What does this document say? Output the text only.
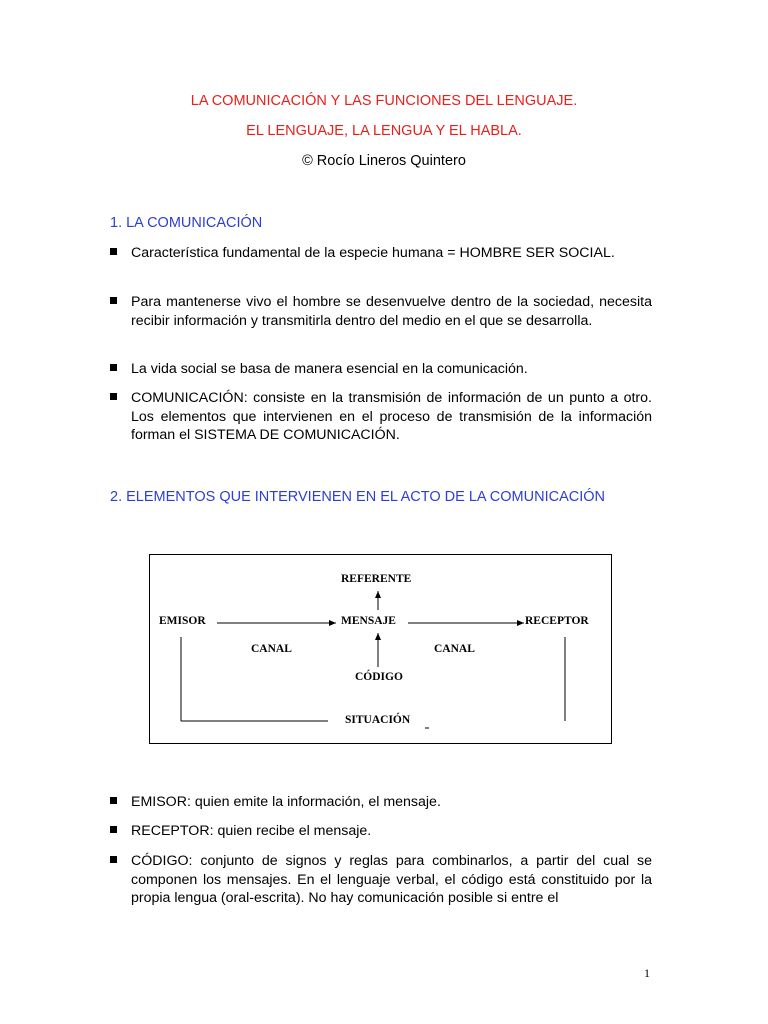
LA COMUNICACIÓN Y LAS FUNCIONES DEL LENGUAJE.
EL LENGUAJE, LA LENGUA Y EL HABLA.
© Rocío Lineros Quintero
1. LA COMUNICACIÓN
Característica fundamental de la especie humana = HOMBRE SER SOCIAL.
Para mantenerse vivo el hombre se desenvuelve dentro de la sociedad, necesita recibir información y transmitirla dentro del medio en el que se desarrolla.
La vida social se basa de manera esencial en la comunicación.
COMUNICACIÓN: consiste en la transmisión de información de un punto a otro. Los elementos que intervienen en el proceso de transmisión de la información forman el SISTEMA DE COMUNICACIÓN.
2. ELEMENTOS QUE INTERVIENEN EN EL ACTO DE LA COMUNICACIÓN
REFERENTE
EMISOR	MENSAJE	RECEPTOR
CANAL	CANAL
CÓDIGO
SITUACIÓN
EMISOR: quien emite la información, el mensaje.
RECEPTOR: quien recibe el mensaje.
CÓDIGO: conjunto de signos y reglas para combinarlos, a partir del cual se componen los mensajes. En el lenguaje verbal, el código está constituido por la propia lengua (oral-escrita). No hay comunicación posible si entre el
1
